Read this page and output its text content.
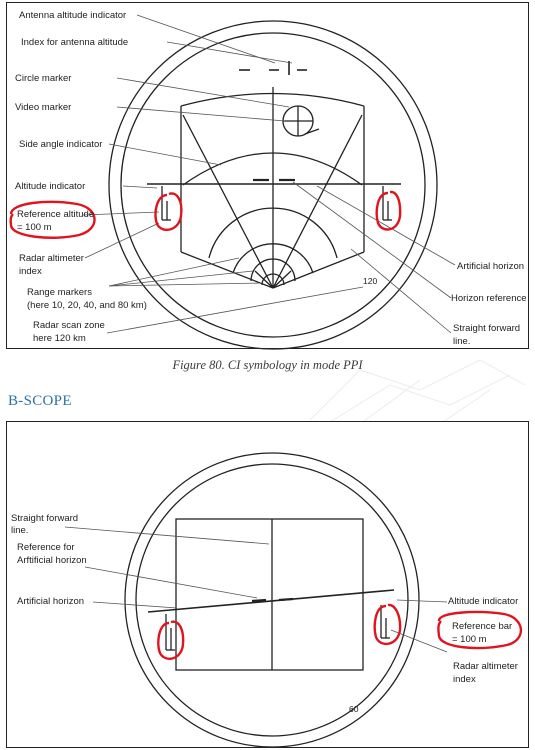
Antenna altitude indicator
Index for antenna altitude
Circle marker
Video marker
Side angle indicator
Altitude indicator
Reference altitude
= 100 m
Radar altimeter
index
Range markers
(here 10, 20, 40, and 80 km)
Radar scan zone
here 120 km
Artificial horizon
Horizon reference
Straight forward
line.
120
Figure 80. CI symbology in mode PPI
B-SCOPE
Straight forward
line.
Reference for
Arftificial horizon
Artificial horizon	Altitude indicator
Reference bar
= 100 m
Radar altimeter
index
60
